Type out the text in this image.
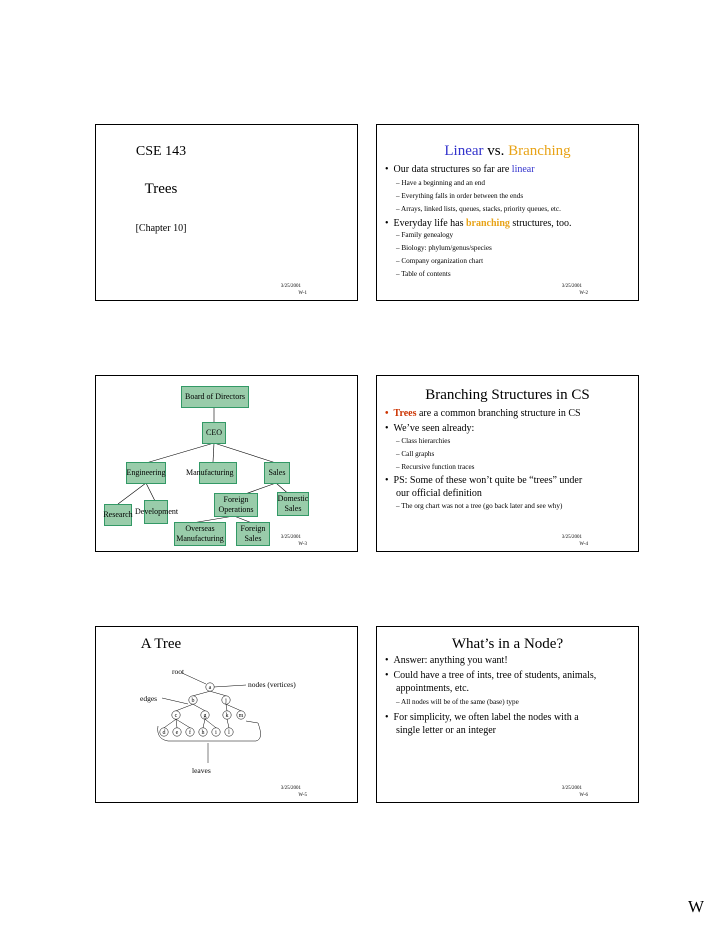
CSE 143
Trees
[Chapter 10]
3/25/2001
W-1
Linear vs. Branching
•  Our data structures so far are linear
– Have a beginning and an end
– Everything falls in order between the ends
– Arrays, linked lists, queues, stacks, priority queues, etc.
•  Everyday life has branching structures, too.
– Family genealogy
– Biology: phylum/genus/species
– Company organization chart
– Table of contents
3/25/2001
W-2
Board of Directors
CEO
Engineering	Manufacturing	Sales
Research Development
Foreign
Operations
Domestic
Sales
Overseas
Manufacturing
Foreign
Sales	3/25/2001
W-3
Branching Structures in CS
• Trees are a common branching structure in CS
•  We’ve seen already:
– Class hierarchies
– Call graphs
– Recursive function traces
•  PS: Some of these won’t quite be “trees” under
our official definition
– The org chart was not a tree (go back later and see why)
3/25/2001
W-4
A Tree
root
nodes (vertices)
edges
leaves
a
b	j
c	g	k m
d e f h i l
3/25/2001
W-5
What’s in a Node?
•  Answer: anything you want!
•  Could have a tree of ints, tree of students, animals,
appointments, etc.
– All nodes will be of the same (base) type
•  For simplicity, we often label the nodes with a
single letter or an integer
3/25/2001
W-6
W
